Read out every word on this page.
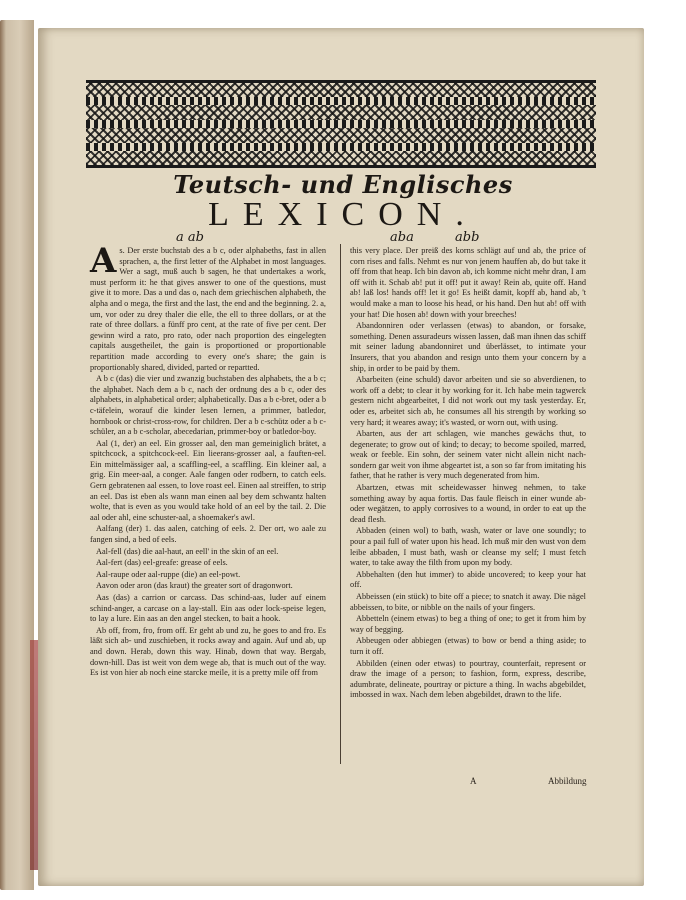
Teutsch- und Englisches
LEXICON.
a ab	aba	abb

As. Der erste buchstab des a b c, oder alphabeths, fast in allen sprachen, a, the first letter of the Alphabet in most languages. Wer a sagt, muß auch b sagen, he that undertakes a work, must perform it: he that gives answer to one of the questions, must give it to more. Das a und das o, nach dem griechischen alphabeth, the alpha and o mega, the first and the last, the end and the beginning. 2. a, um, vor oder zu drey thaler die elle, the ell to three dollars, or at the rate of three dollars. a fünff pro cent, at the rate of five per cent. Der gewinn wird a rato, pro rato, oder nach proportion des eingelegten capitals ausgetheilet, the gain is proportioned or proportionable repartition made according to every one's share; the gain is proportionably shared, divided, parted or repartted.

A b c (das) die vier und zwanzig buchstaben des alphabets, the a b c; the alphabet. Nach dem a b c, nach der ordnung des a b c, oder des alphabets, in alphabetical order; alphabetically. Das a b c-bret, oder a b c-täfelein, worauf die kinder lesen lernen, a primmer, batledor, hornbook or christ-cross-row, for children. Der a b c-schütz oder a b c-schüler, an a b c-scholar, abecedarian, primmer-boy or batledor-boy.

Aal (1, der) an eel. Ein grosser aal, den man gemeiniglich brätet, a spitchcock, a spitchcock-eel. Ein lieerans-grosser aal, a fauften-eel. Ein mittelmässiger aal, a scaffling-eel, a scaffling. Ein kleiner aal, a grig. Ein meer-aal, a conger. Aale fangen oder rodbern, to catch eels. Gern gebratenen aal essen, to love roast eel. Einen aal streiffen, to strip an eel. Das ist eben als wann man einen aal bey dem schwantz halten wolte, that is even as you would take hold of an eel by the tail. 2. Die aal oder ahl, eine schuster-aal, a shoemaker's awl.

Aalfang (der) 1. das aalen, catching of eels. 2. Der ort, wo aale zu fangen sind, a bed of eels.

Aal-fell (das) die aal-haut, an eell' in the skin of an eel.

Aal-fert (das) eel-greafe: grease of eels.

Aal-raupe oder aal-ruppe (die) an eel-powt.

Aavon oder aron (das kraut) the greater sort of dragonwort.

Aas (das) a carrion or carcass. Das schind-aas, luder auf einem schind-anger, a carcase on a lay-stall. Ein aas oder lock-speise legen, to lay a lure. Ein aas an den angel stecken, to bait a hook.

Ab off, from, fro, from off. Er geht ab und zu, he goes to and fro. Es läßt sich ab- und zuschieben, it rocks away and again. Auf und ab, up and down. Herab, down this way. Hinab, down that way. Bergab, down-hill. Das ist weit von dem wege ab, that is much out of the way. Es ist von hier ab noch eine starcke meile, it is a pretty mile off from

this very place. Der preiß des korns schlägt auf und ab, the price of corn rises and falls. Nehmt es nur von jenem hauffen ab, do but take it off from that heap. Ich bin davon ab, ich komme nicht mehr dran, I am off with it. Schab ab! put it off! put it away! Rein ab, quite off. Hand ab! laß los! hands off! let it go! Es heißt damit, kopff ab, hand ab, 't would make a man to loose his head, or his hand. Den hut ab! off with your hat! Die hosen ab! down with your breeches!

Abandonniren oder verlassen (etwas) to abandon, or forsake, something. Denen assuradeurs wissen lassen, daß man ihnen das schiff mit seiner ladung abandonniret und überlässet, to intimate your Insurers, that you abandon and resign unto them your concern by a ship, in order to be paid by them.

Abarbeiten (eine schuld) davor arbeiten und sie so abverdienen, to work off a debt; to clear it by working for it. Ich habe mein tagwerck gestern nicht abgearbeitet, I did not work out my task yesterday. Er, oder es, arbeitet sich ab, he consumes all his strength by working so very hard; it weares away; it's wasted, or worn out, with using.

Abarten, aus der art schlagen, wie manches gewächs thut, to degenerate; to grow out of kind; to decay; to become spoiled, marred, weak or feeble. Ein sohn, der seinem vater nicht allein nicht nach- sondern gar weit von ihme abgeartet ist, a son so far from imitating his father, that he rather is very much degenerated from him.

Abartzen, etwas mit scheidewasser hinweg nehmen, to take something away by aqua fortis. Das faule fleisch in einer wunde ab- oder wegätzen, to apply corrosives to a wound, in order to eat up the dead flesh.

Abbaden (einen wol) to bath, wash, water or lave one soundly; to pour a pail full of water upon his head. Ich muß mir den wust von dem leibe abbaden, I must bath, wash or cleanse my self; I must fetch water, to take away the filth from upon my body.

Abbehalten (den hut immer) to abide uncovered; to keep your hat off.

Abbeissen (ein stück) to bite off a piece; to snatch it away. Die nägel abbeissen, to bite, or nibble on the nails of your fingers.

Abbetteln (einem etwas) to beg a thing of one; to get it from him by way of begging.

Abbeugen oder abbiegen (etwas) to bow or bend a thing aside; to turn it off.

Abbilden (einen oder etwas) to pourtray, counterfait, represent or draw the image of a person; to fashion, form, express, describe, adumbrate, delineate, pourtray or picture a thing. In wachs abgebildet, imbossed in wax. Nach dem leben abgebildet, drawn to the life.

A	Abbildung
